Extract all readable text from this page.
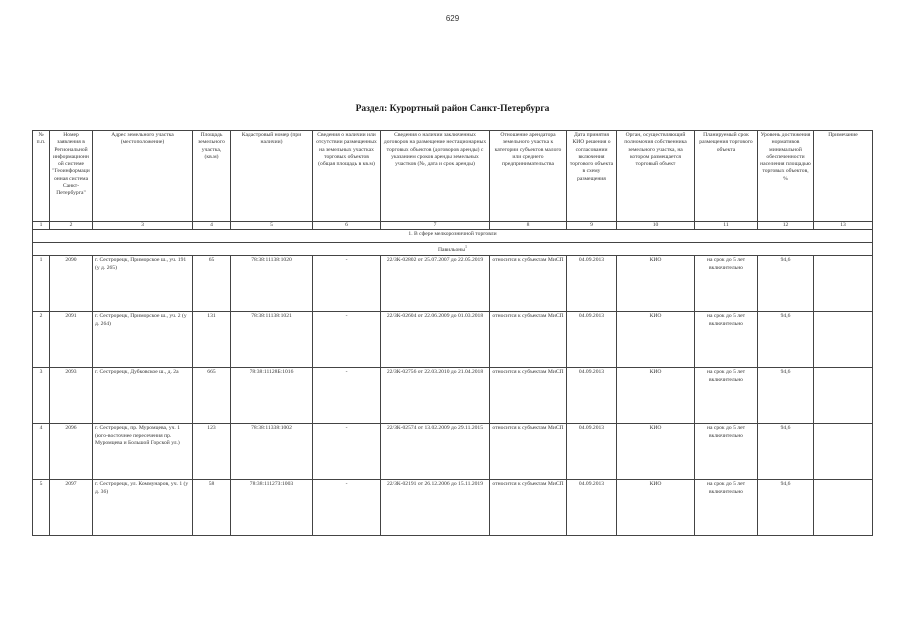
629
Раздел: Курортный район Санкт-Петербурга
№ п.п.	Номер заявления в Региональной информационной системе "Геоинформационная система Санкт-Петербурга"	Адрес земельного участка (местоположение)	Площадь земельного участка, (кв.м)	Кадастровый номер (при наличии)	Сведения о наличии или отсутствии размещенных на земельных участках торговых объектов (общая площадь в кв.м)	Сведения о наличии заключенных договоров на размещение нестационарных торговых объектов (договоров аренды) с указанием сроков аренды земельных участков (№, дата и срок аренды)	Отношение арендатора земельного участка к категории субъектов малого или среднего предпринимательства	Дата принятия КИО решения о согласовании включения торгового объекта в схему размещения	Орган, осуществляющий полномочия собственника земельного участка, на котором размещается торговый объект	Планируемый срок размещения торгового объекта	Уровень достижения нормативов минимальной обеспеченности населения площадью торговых объектов, %	Примечание
1	2	3	4	5	6	7	8	9	10	11	12	13
1. В сфере мелкорозничной торговли												
Павильоны$^1$
1	2090	г. Сестрорецк, Приморское ш., уч. 191 (у д. 265)	65	78:38:11138:1020	-	22/ЗК-02802 от 25.07.2007 до 22.05.2019	относится к субъектам МиСП	04.09.2013	КИО	на срок до 5 лет включительно	94,6	
2	2091	г. Сестрорецк, Приморское ш., уч. 2 (у д. 264)	131	78:38:11138:1021	-	22/ЗК-02604 от 22.06.2009 до 01.03.2018	относится к субъектам МиСП	04.09.2013	КИО	на срок до 5 лет включительно	94,6	
3	2093	г. Сестрорецк, Дубковское ш., д. 2а	665	78:38:11128Б:1016	-	22/ЗК-02756 от 22.03.2010 до 21.04.2018	относится к субъектам МиСП	04.09.2013	КИО	на срок до 5 лет включительно	94,6	
4	2096	г. Сестрорецк, пр. Муромцева, уч. 1 (юго-восточнее пересечения пр. Муромцева и Большой Горской ул.)	123	78:38:11338:1002	-	22/ЗК-02574 от 13.02.2009 до 29.11.2015	относится к субъектам МиСП	04.09.2013	КИО	на срок до 5 лет включительно	94,6	
5	2097	г. Сестрорецк, ул. Коммунаров, уч. 1 (у д. 36)	58	78:38:11127З:1003	-	22/ЗК-02191 от 26.12.2006 до 15.11.2019	относится к субъектам МиСП	04.09.2013	КИО	на срок до 5 лет включительно	94,6	
